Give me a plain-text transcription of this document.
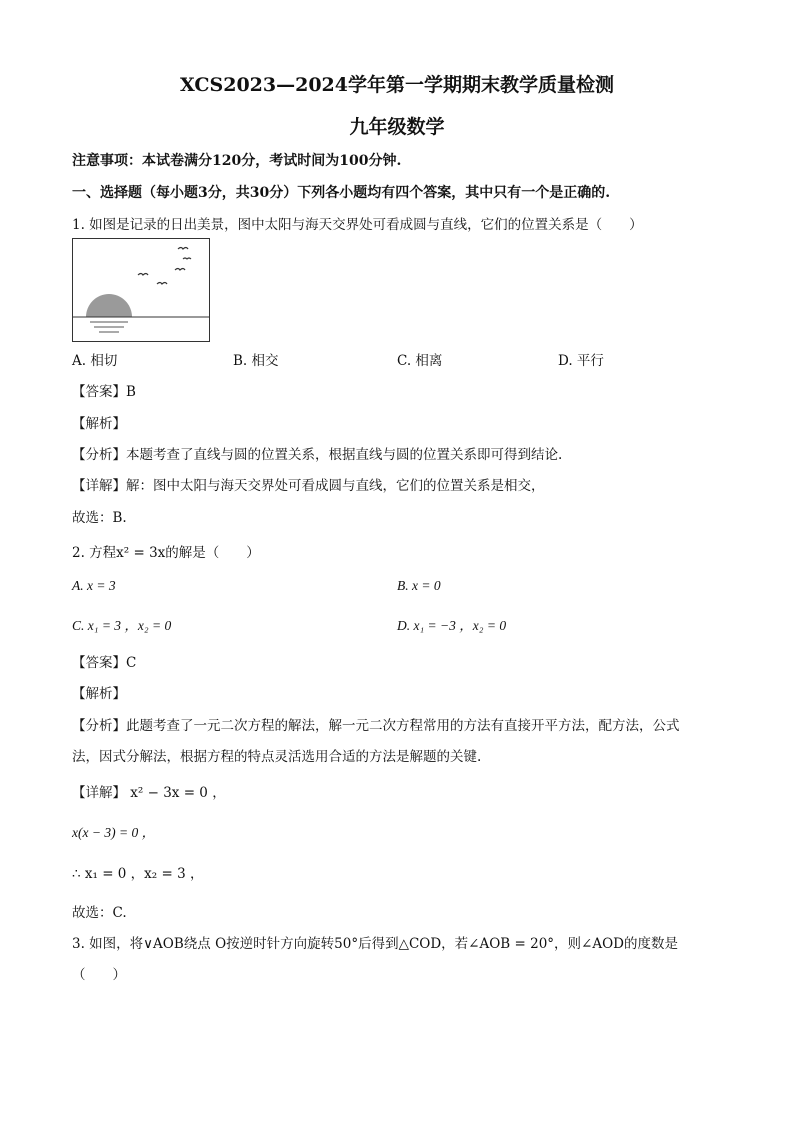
XCS2023—2024学年第一学期期末教学质量检测
九年级数学
注意事项：本试卷满分120分，考试时间为100分钟.
一、选择题（每小题3分，共30分）下列各小题均有四个答案，其中只有一个是正确的.
1. 如图是记录的日出美景，图中太阳与海天交界处可看成圆与直线，它们的位置关系是（　　）
A. 相切	B. 相交	C. 相离	D. 平行
【答案】B
【解析】
【分析】本题考查了直线与圆的位置关系，根据直线与圆的位置关系即可得到结论.
【详解】解：图中太阳与海天交界处可看成圆与直线，它们的位置关系是相交，
故选：B.
2. 方程x² = 3x的解是（　　）
A. x = 3	B. x = 0
C. x₁ = 3 ，x₂ = 0	D. x₁ = −3 ，x₂ = 0
【答案】C
【解析】
【分析】此题考查了一元二次方程的解法，解一元二次方程常用的方法有直接开平方法，配方法，公式
法，因式分解法，根据方程的特点灵活选用合适的方法是解题的关键.
【详解】 x² − 3x = 0 ，
x(x − 3) = 0 ，
∴ x₁ = 0 ，x₂ = 3 ，
故选：C.
3. 如图，将∨AOB绕点 O按逆时针方向旋转50°后得到△COD，若∠AOB = 20°，则∠AOD的度数是
（　　）
